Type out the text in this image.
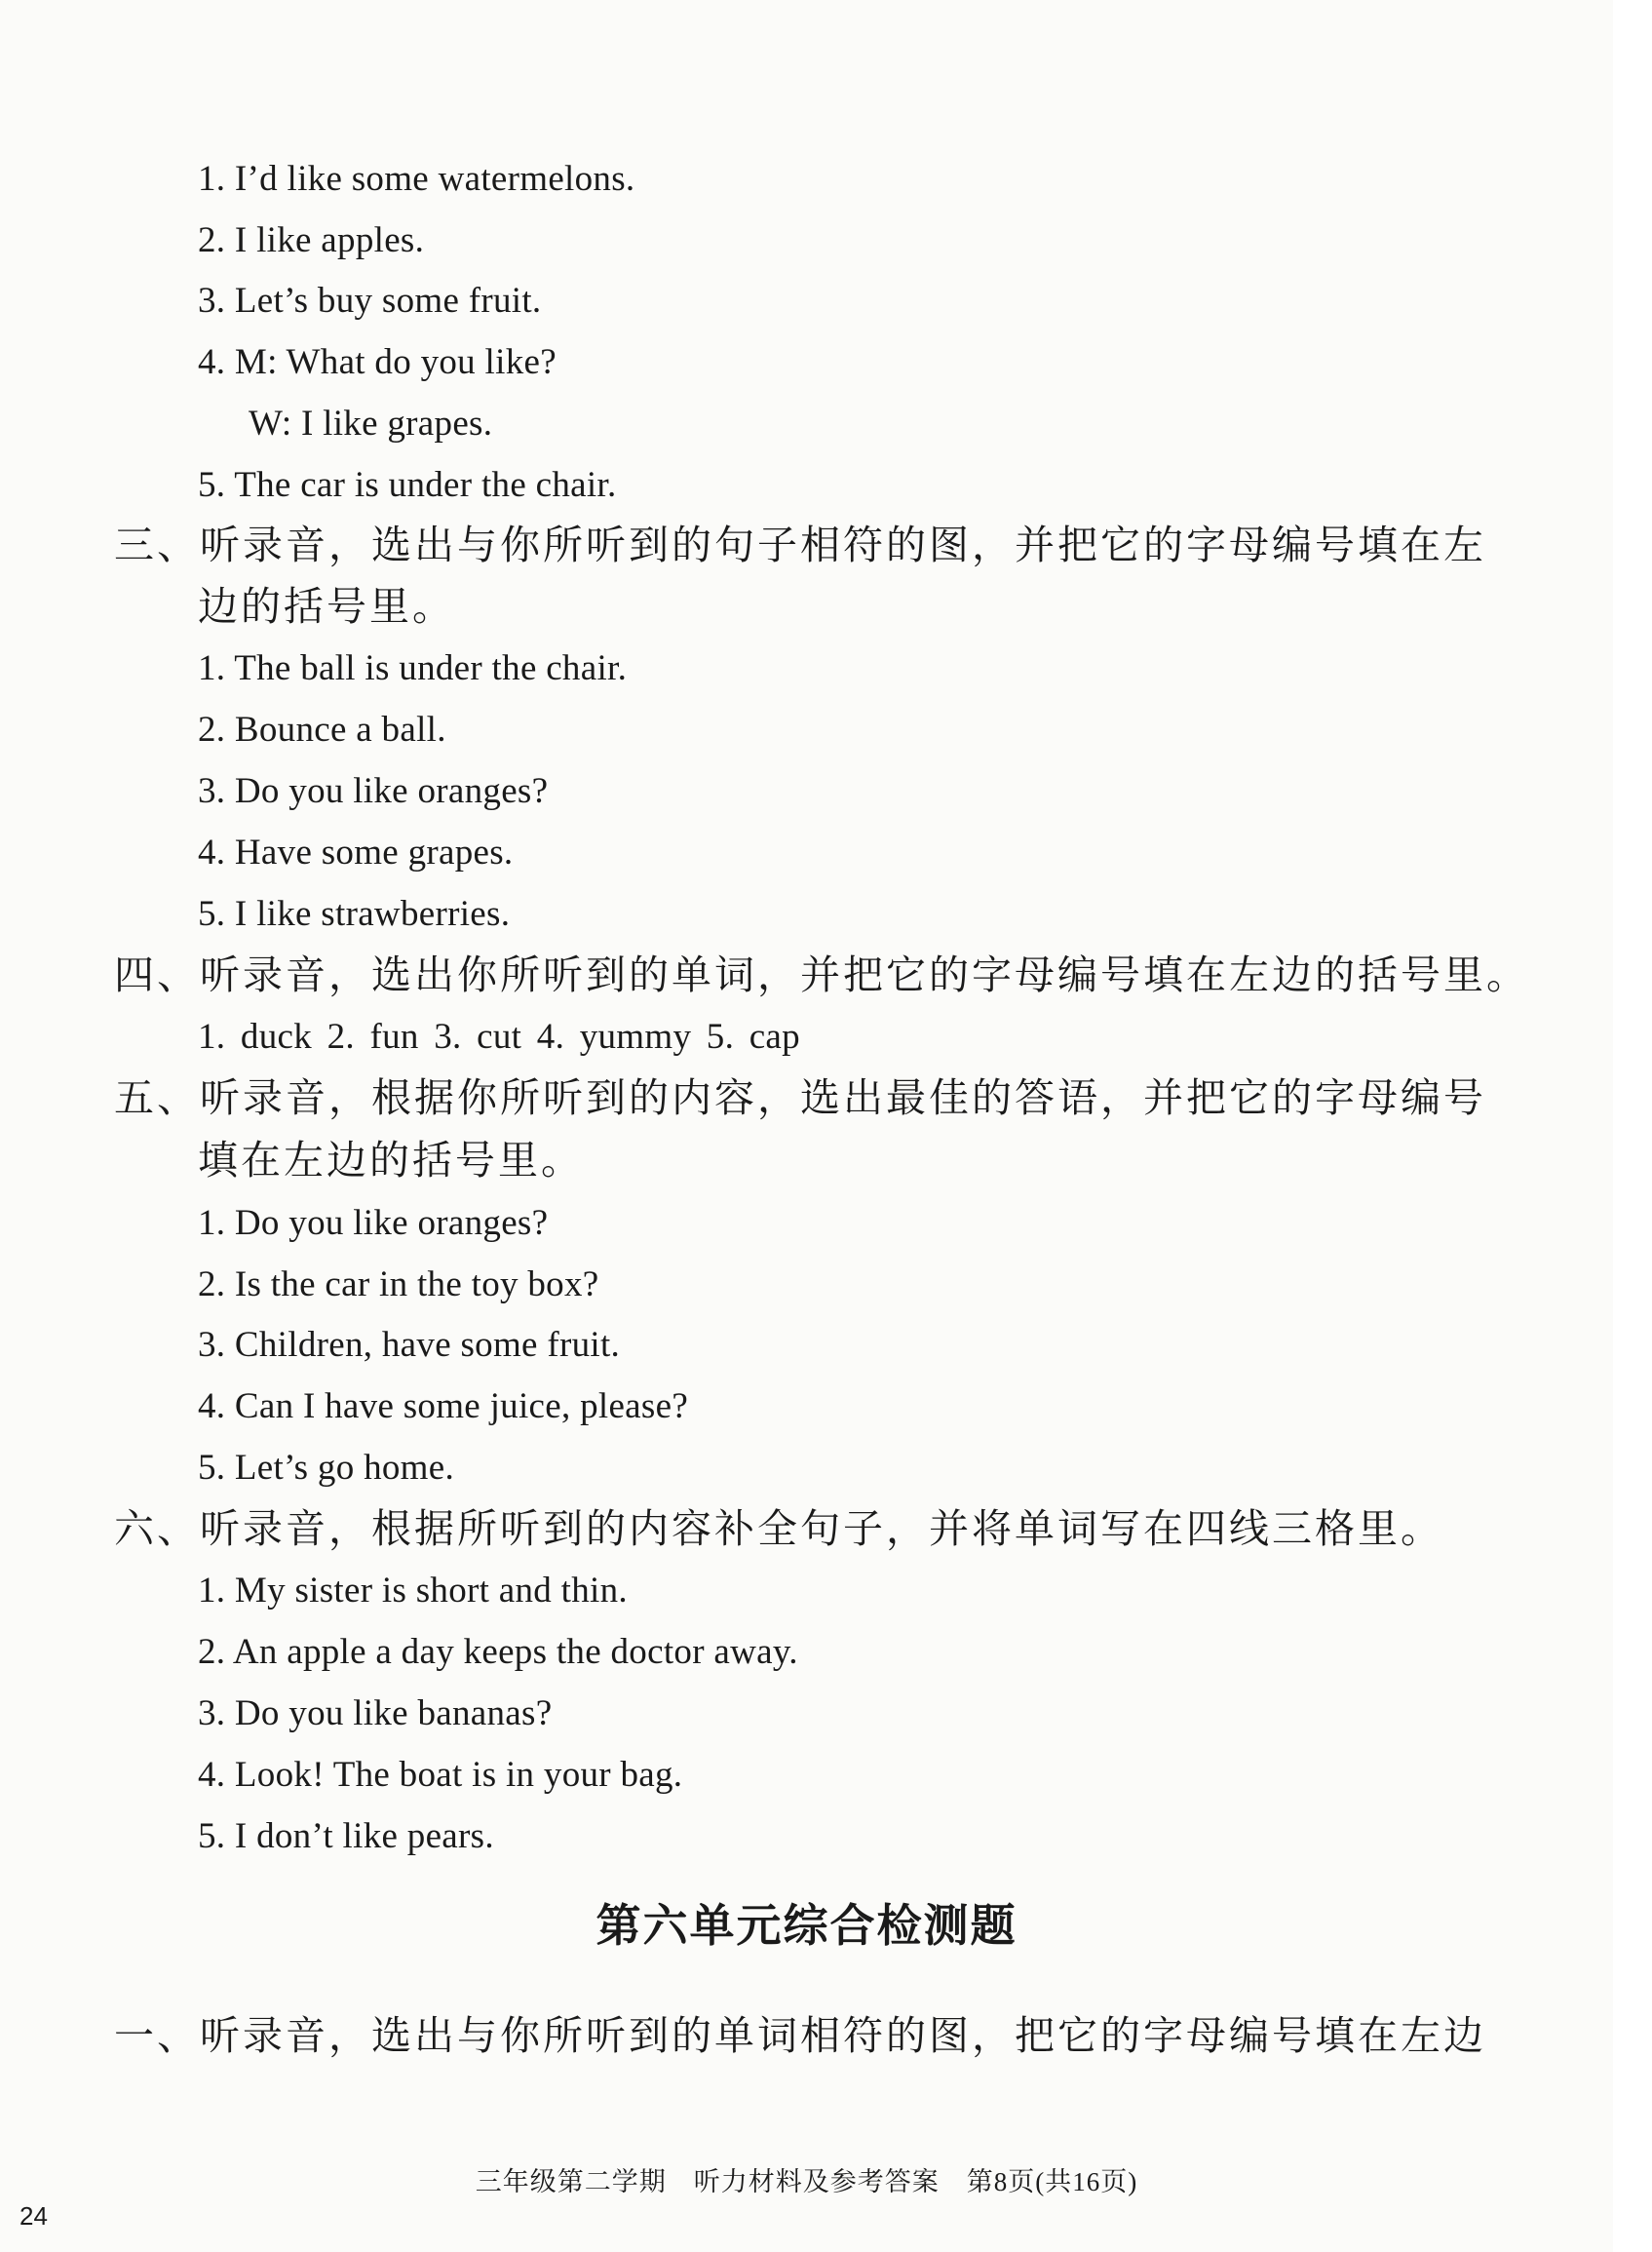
1. I’d like some watermelons.
2. I like apples.
3. Let’s buy some fruit.
4. M: What do you like?
W: I like grapes.
5. The car is under the chair.
三、听录音，选出与你所听到的句子相符的图，并把它的字母编号填在左
边的括号里。
1. The ball is under the chair.
2. Bounce a ball.
3. Do you like oranges?
4. Have some grapes.
5. I like strawberries.
四、听录音，选出你所听到的单词，并把它的字母编号填在左边的括号里。
1. duck 2. fun 3. cut 4. yummy 5. cap
五、听录音，根据你所听到的内容，选出最佳的答语，并把它的字母编号
填在左边的括号里。
1. Do you like oranges?
2. Is the car in the toy box?
3. Children, have some fruit.
4. Can I have some juice, please?
5. Let’s go home.
六、听录音，根据所听到的内容补全句子，并将单词写在四线三格里。
1. My sister is short and thin.
2. An apple a day keeps the doctor away.
3. Do you like bananas?
4. Look! The boat is in your bag.
5. I don’t like pears.
第六单元综合检测题
一、听录音，选出与你所听到的单词相符的图，把它的字母编号填在左边
三年级第二学期　听力材料及参考答案　第8页(共16页)
24
